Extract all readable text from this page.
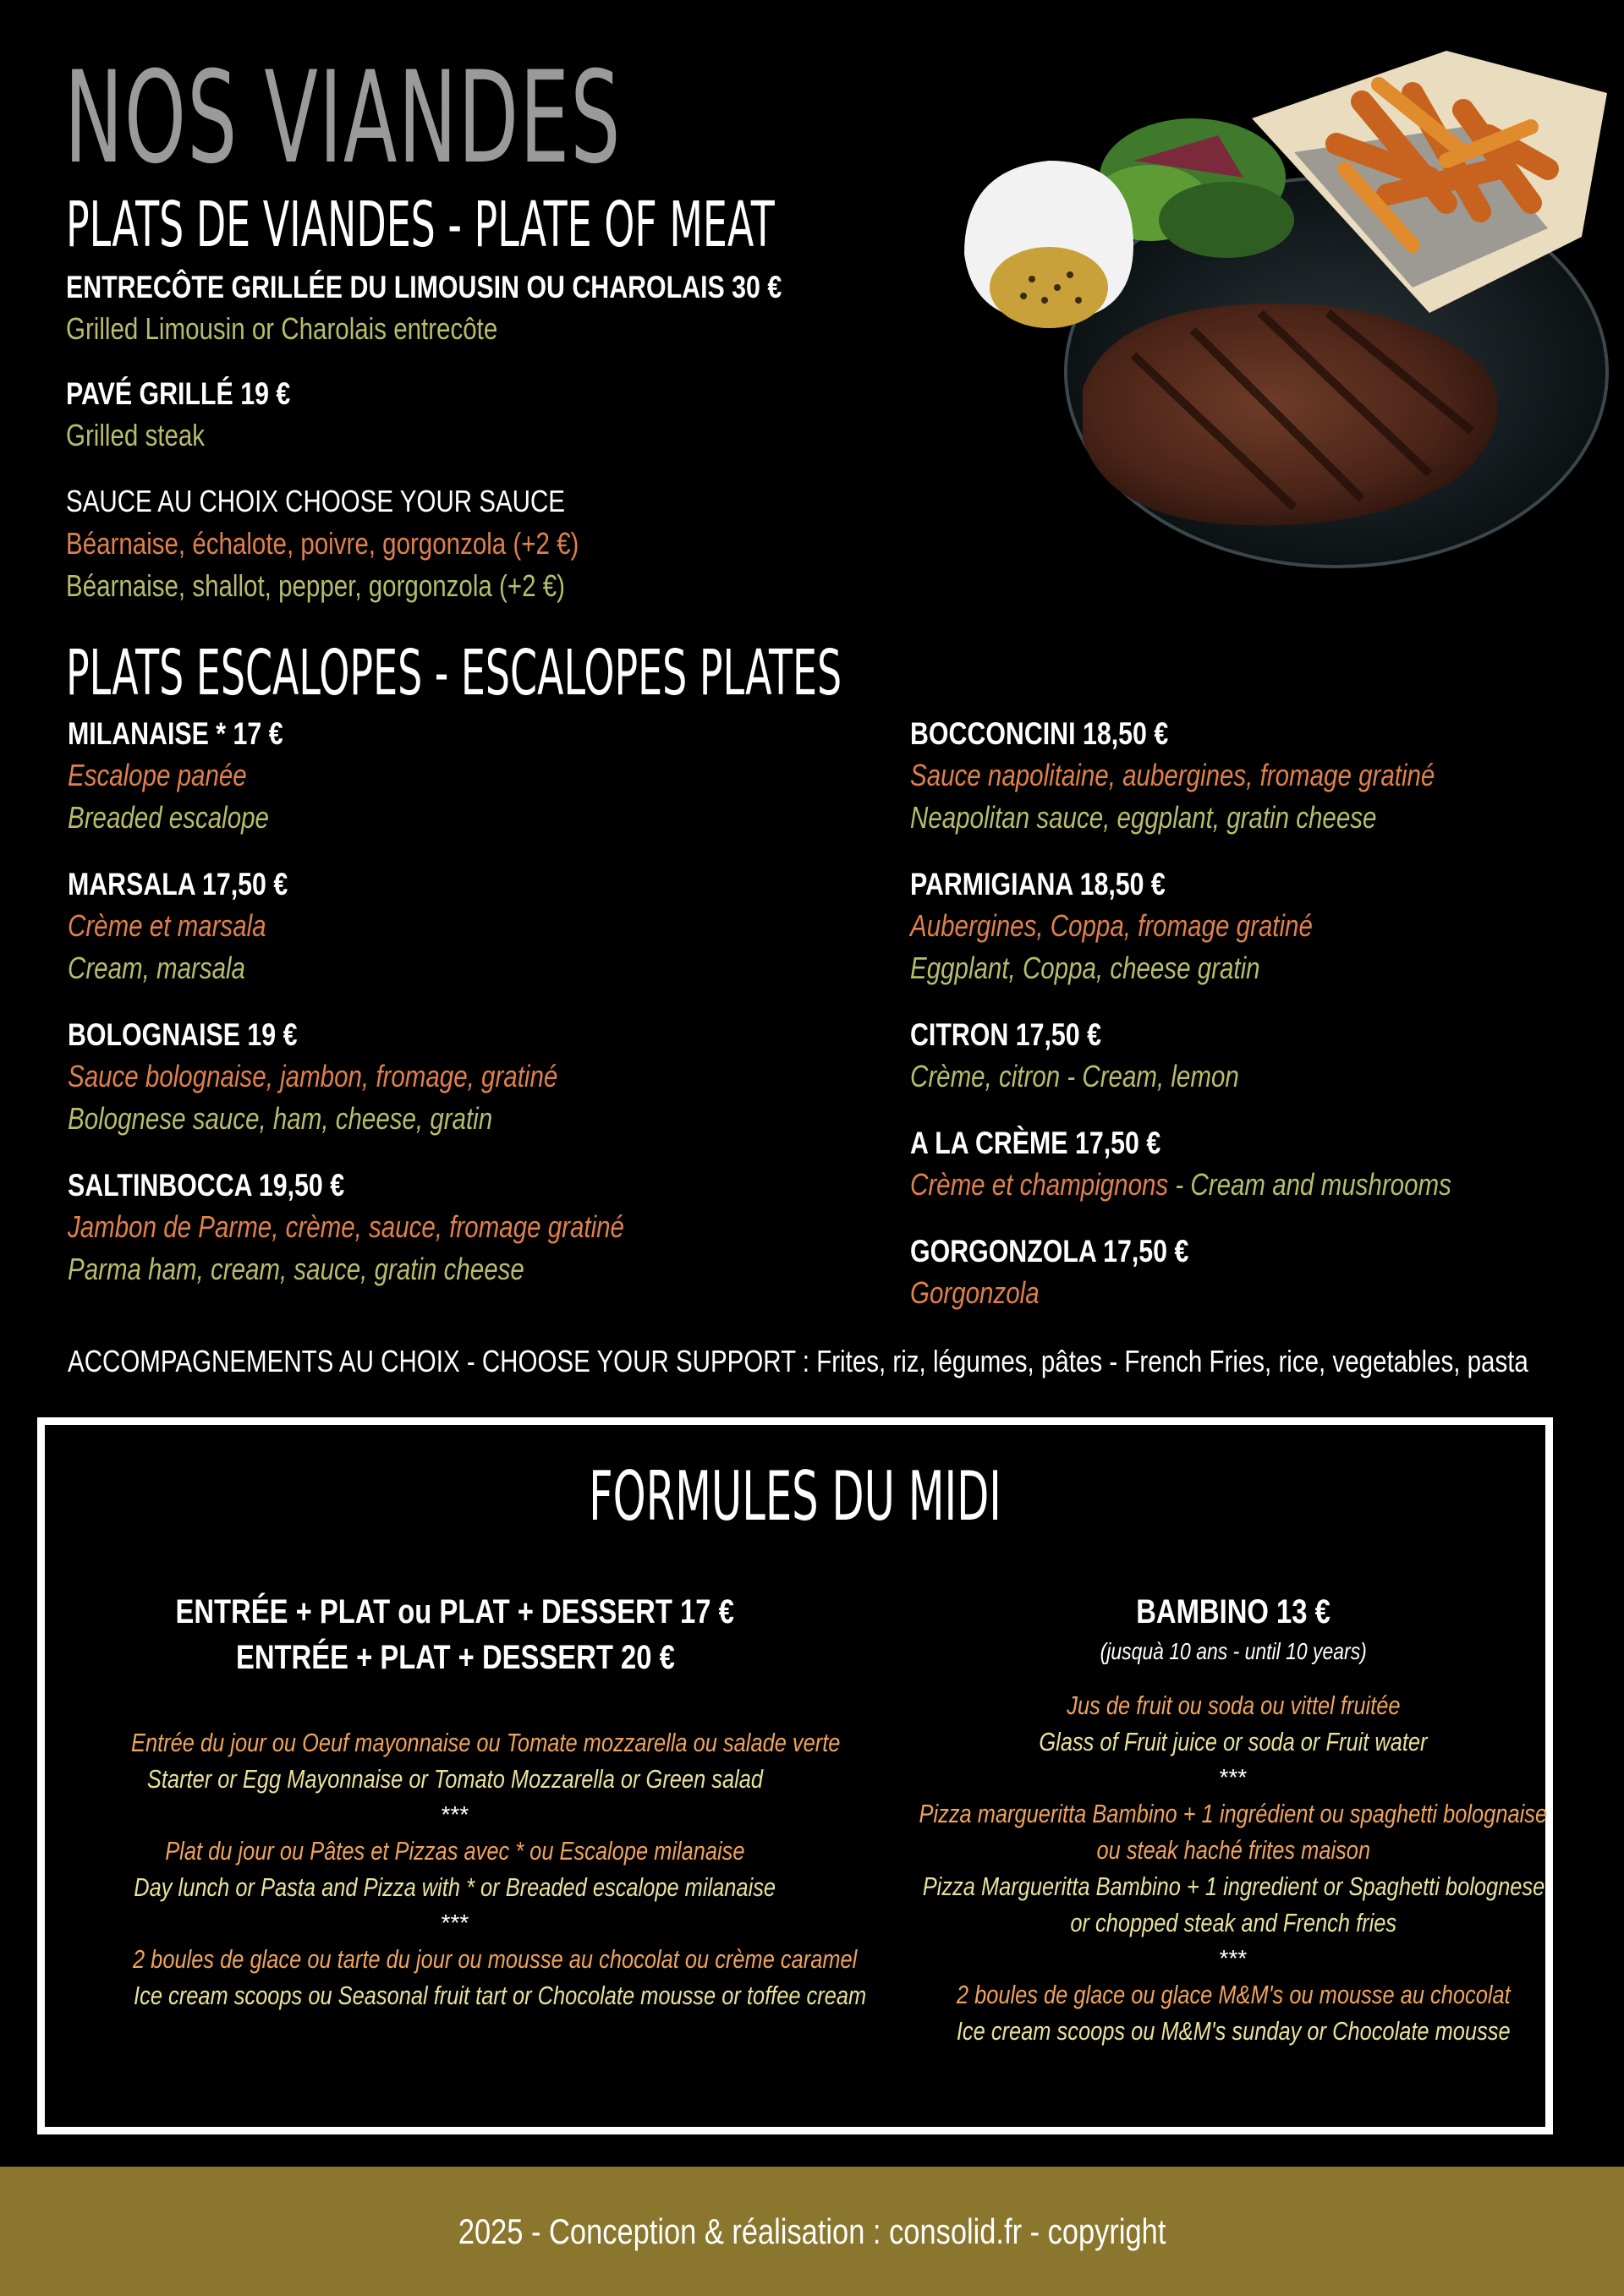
NOS VIANDES
PLATS DE VIANDES - PLATE OF MEAT
ENTRECÔTE GRILLÉE DU LIMOUSIN OU CHAROLAIS 30 €
Grilled Limousin or Charolais entrecôte
PAVÉ GRILLÉ 19 €
Grilled steak
SAUCE AU CHOIX CHOOSE YOUR SAUCE
Béarnaise, échalote, poivre, gorgonzola (+2 €)
Béarnaise, shallot, pepper, gorgonzola (+2 €)
PLATS ESCALOPES - ESCALOPES PLATES
MILANAISE * 17 €
Escalope panée
Breaded escalope
MARSALA 17,50 €
Crème et marsala
Cream, marsala
BOLOGNAISE 19 €
Sauce bolognaise, jambon, fromage, gratiné
Bolognese sauce, ham, cheese, gratin
SALTINBOCCA 19,50 €
Jambon de Parme, crème, sauce, fromage gratiné
Parma ham, cream, sauce, gratin cheese
BOCCONCINI 18,50 €
Sauce napolitaine, aubergines, fromage gratiné
Neapolitan sauce, eggplant, gratin cheese
PARMIGIANA 18,50 €
Aubergines, Coppa, fromage gratiné
Eggplant, Coppa, cheese gratin
CITRON 17,50 €
Crème, citron - Cream, lemon
A LA CRÈME 17,50 €
Crème et champignons - Cream and mushrooms
GORGONZOLA 17,50 €
Gorgonzola
ACCOMPAGNEMENTS AU CHOIX - CHOOSE YOUR SUPPORT : Frites, riz, légumes, pâtes - French Fries, rice, vegetables, pasta
FORMULES DU MIDI
ENTRÉE + PLAT ou PLAT + DESSERT 17 €
ENTRÉE + PLAT + DESSERT 20 €
Entrée du jour ou Oeuf mayonnaise ou Tomate mozzarella ou salade verte
Starter or Egg Mayonnaise or Tomato Mozzarella or Green salad
***
Plat du jour ou Pâtes et Pizzas avec * ou Escalope milanaise
Day lunch or Pasta and Pizza with * or Breaded escalope milanaise
***
2 boules de glace ou tarte du jour ou mousse au chocolat ou crème caramel
Ice cream scoops ou Seasonal fruit tart or Chocolate mousse or toffee cream
BAMBINO 13 €
(jusquà 10 ans - until 10 years)
Jus de fruit ou soda ou vittel fruitée
Glass of Fruit juice or soda or Fruit water
***
Pizza margueritta Bambino + 1 ingrédient ou spaghetti bolognaise
ou steak haché frites maison
Pizza Margueritta Bambino + 1 ingredient or Spaghetti bolognese
or chopped steak and French fries
***
2 boules de glace ou glace M&M's ou mousse au chocolat
Ice cream scoops ou M&M's sunday or Chocolate mousse
2025 - Conception & réalisation : consolid.fr - copyright
